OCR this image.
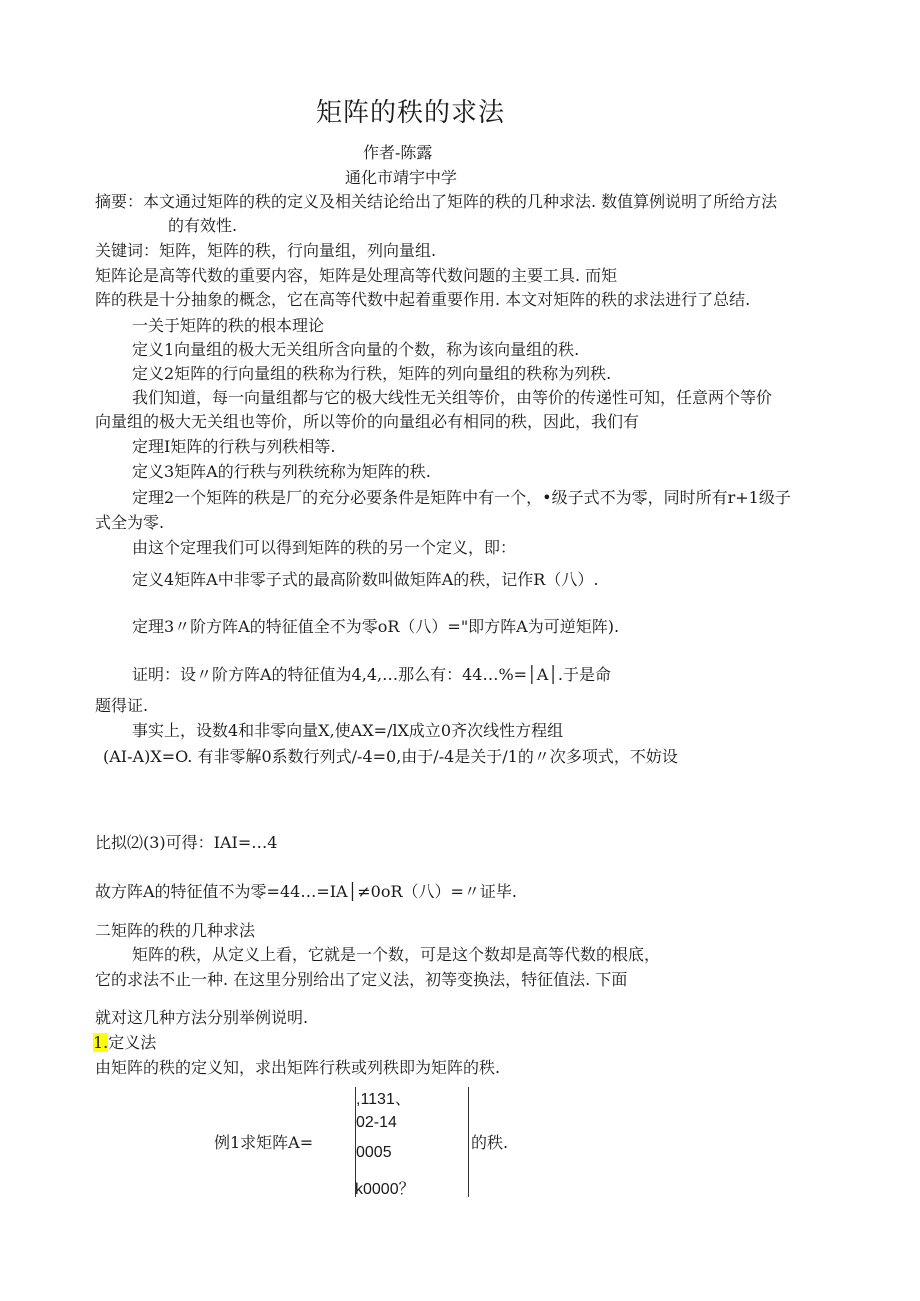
矩阵的秩的求法
作者-陈露
通化市靖宇中学
摘要：本文通过矩阵的秩的定义及相关结论给出了矩阵的秩的几种求法. 数值算例说明了所给方法
的有效性.
关键词：矩阵，矩阵的秩，行向量组，列向量组.
矩阵论是高等代数的重要内容，矩阵是处理高等代数问题的主要工具. 而矩
阵的秩是十分抽象的概念，它在高等代数中起着重要作用. 本文对矩阵的秩的求法进行了总结.
一关于矩阵的秩的根本理论
定义1向量组的极大无关组所含向量的个数，称为该向量组的秩.
定义2矩阵的行向量组的秩称为行秩，矩阵的列向量组的秩称为列秩.
我们知道，每一向量组都与它的极大线性无关组等价，由等价的传递性可知，任意两个等价
向量组的极大无关组也等价，所以等价的向量组必有相同的秩，因此，我们有
定理I矩阵的行秩与列秩相等.
定义3矩阵A的行秩与列秩统称为矩阵的秩.
定理2一个矩阵的秩是厂的充分必要条件是矩阵中有一个，•级子式不为零，同时所有r+1级子
式全为零.
由这个定理我们可以得到矩阵的秩的另一个定义，即：
定义4矩阵A中非零子式的最高阶数叫做矩阵A的秩，记作R（八）.
定理3〃阶方阵A的特征值全不为零oR（八）="即方阵A为可逆矩阵).
证明：设〃阶方阵A的特征值为4,4,…那么有：44…%=│A│.于是命
题得证.
事实上，设数4和非零向量X,使AX=/lX成立0齐次线性方程组
(AI-A)X=O. 有非零解0系数行列式/-4=0,由于/-4是关于/1的〃次多项式，不妨设
比拟⑵(3)可得：IAI=…4
故方阵A的特征值不为零=44…=IA│≠0oR（八）=〃证毕.
二矩阵的秩的几种求法
矩阵的秩，从定义上看，它就是一个数，可是这个数却是高等代数的根底，
它的求法不止一种. 在这里分别给出了定义法，初等变换法，特征值法. 下面
就对这几种方法分别举例说明.
1.定义法
由矩阵的秩的定义知，求出矩阵行秩或列秩即为矩阵的秩.
例1求矩阵A=
,1131、
02-14
0005
k0000？
的秩.
